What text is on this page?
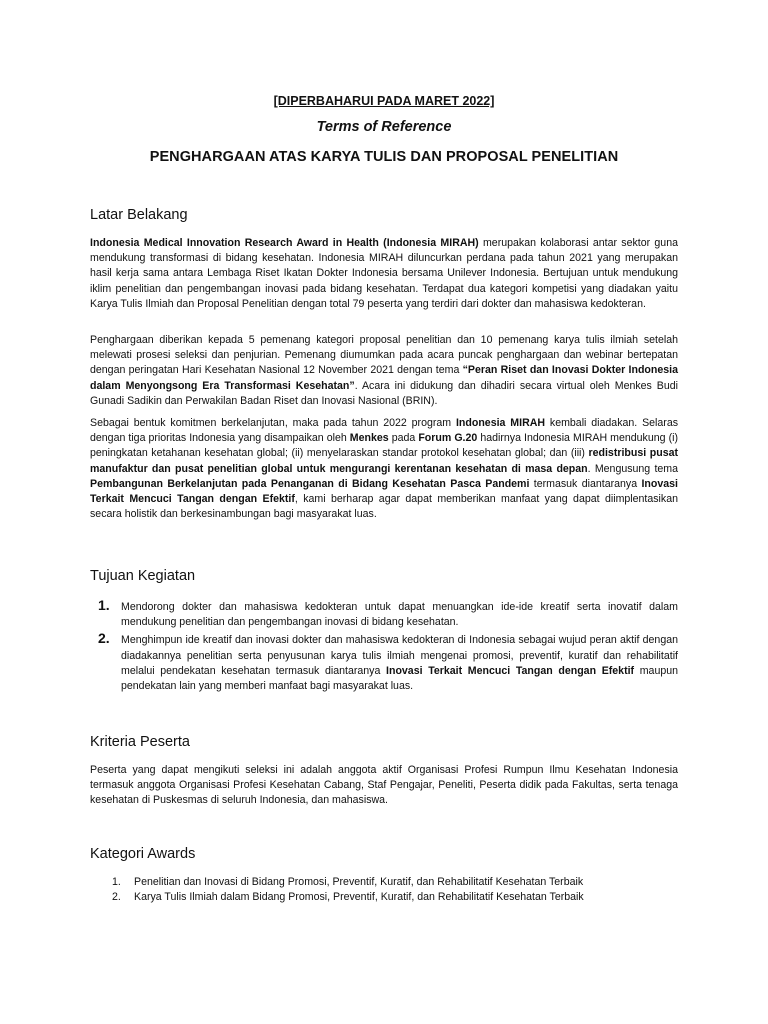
[DIPERBAHARUI PADA MARET 2022]
Terms of Reference
PENGHARGAAN ATAS KARYA TULIS DAN PROPOSAL PENELITIAN
Latar Belakang
Indonesia Medical Innovation Research Award in Health (Indonesia MIRAH) merupakan kolaborasi antar sektor guna mendukung transformasi di bidang kesehatan. Indonesia MIRAH diluncurkan perdana pada tahun 2021 yang merupakan hasil kerja sama antara Lembaga Riset Ikatan Dokter Indonesia bersama Unilever Indonesia. Bertujuan untuk mendukung iklim penelitian dan pengembangan inovasi pada bidang kesehatan. Terdapat dua kategori kompetisi yang diadakan yaitu Karya Tulis Ilmiah dan Proposal Penelitian dengan total 79 peserta yang terdiri dari dokter dan mahasiswa kedokteran.
Penghargaan diberikan kepada 5 pemenang kategori proposal penelitian dan 10 pemenang karya tulis ilmiah setelah melewati prosesi seleksi dan penjurian. Pemenang diumumkan pada acara puncak penghargaan dan webinar bertepatan dengan peringatan Hari Kesehatan Nasional 12 November 2021 dengan tema “Peran Riset dan Inovasi Dokter Indonesia dalam Menyongsong Era Transformasi Kesehatan”. Acara ini didukung dan dihadiri secara virtual oleh Menkes Budi Gunadi Sadikin dan Perwakilan Badan Riset dan Inovasi Nasional (BRIN).
Sebagai bentuk komitmen berkelanjutan, maka pada tahun 2022 program Indonesia MIRAH kembali diadakan. Selaras dengan tiga prioritas Indonesia yang disampaikan oleh Menkes pada Forum G.20 hadirnya Indonesia MIRAH mendukung (i) peningkatan ketahanan kesehatan global; (ii) menyelaraskan standar protokol kesehatan global; dan (iii) redistribusi pusat manufaktur dan pusat penelitian global untuk mengurangi kerentanan kesehatan di masa depan. Mengusung tema Pembangunan Berkelanjutan pada Penanganan di Bidang Kesehatan Pasca Pandemi termasuk diantaranya Inovasi Terkait Mencuci Tangan dengan Efektif, kami berharap agar dapat memberikan manfaat yang dapat diimplentasikan secara holistik dan berkesinambungan bagi masyarakat luas.
Tujuan Kegiatan
1. Mendorong dokter dan mahasiswa kedokteran untuk dapat menuangkan ide-ide kreatif serta inovatif dalam mendukung penelitian dan pengembangan inovasi di bidang kesehatan.
2. Menghimpun ide kreatif dan inovasi dokter dan mahasiswa kedokteran di Indonesia sebagai wujud peran aktif dengan diadakannya penelitian serta penyusunan karya tulis ilmiah mengenai promosi, preventif, kuratif dan rehabilitatif melalui pendekatan kesehatan termasuk diantaranya Inovasi Terkait Mencuci Tangan dengan Efektif maupun pendekatan lain yang memberi manfaat bagi masyarakat luas.
Kriteria Peserta
Peserta yang dapat mengikuti seleksi ini adalah anggota aktif Organisasi Profesi Rumpun Ilmu Kesehatan Indonesia termasuk anggota Organisasi Profesi Kesehatan Cabang, Staf Pengajar, Peneliti, Peserta didik pada Fakultas, serta tenaga kesehatan di Puskesmas di seluruh Indonesia, dan mahasiswa.
Kategori Awards
1. Penelitian dan Inovasi di Bidang Promosi, Preventif, Kuratif, dan Rehabilitatif Kesehatan Terbaik
2. Karya Tulis Ilmiah dalam Bidang Promosi, Preventif, Kuratif, dan Rehabilitatif Kesehatan Terbaik
